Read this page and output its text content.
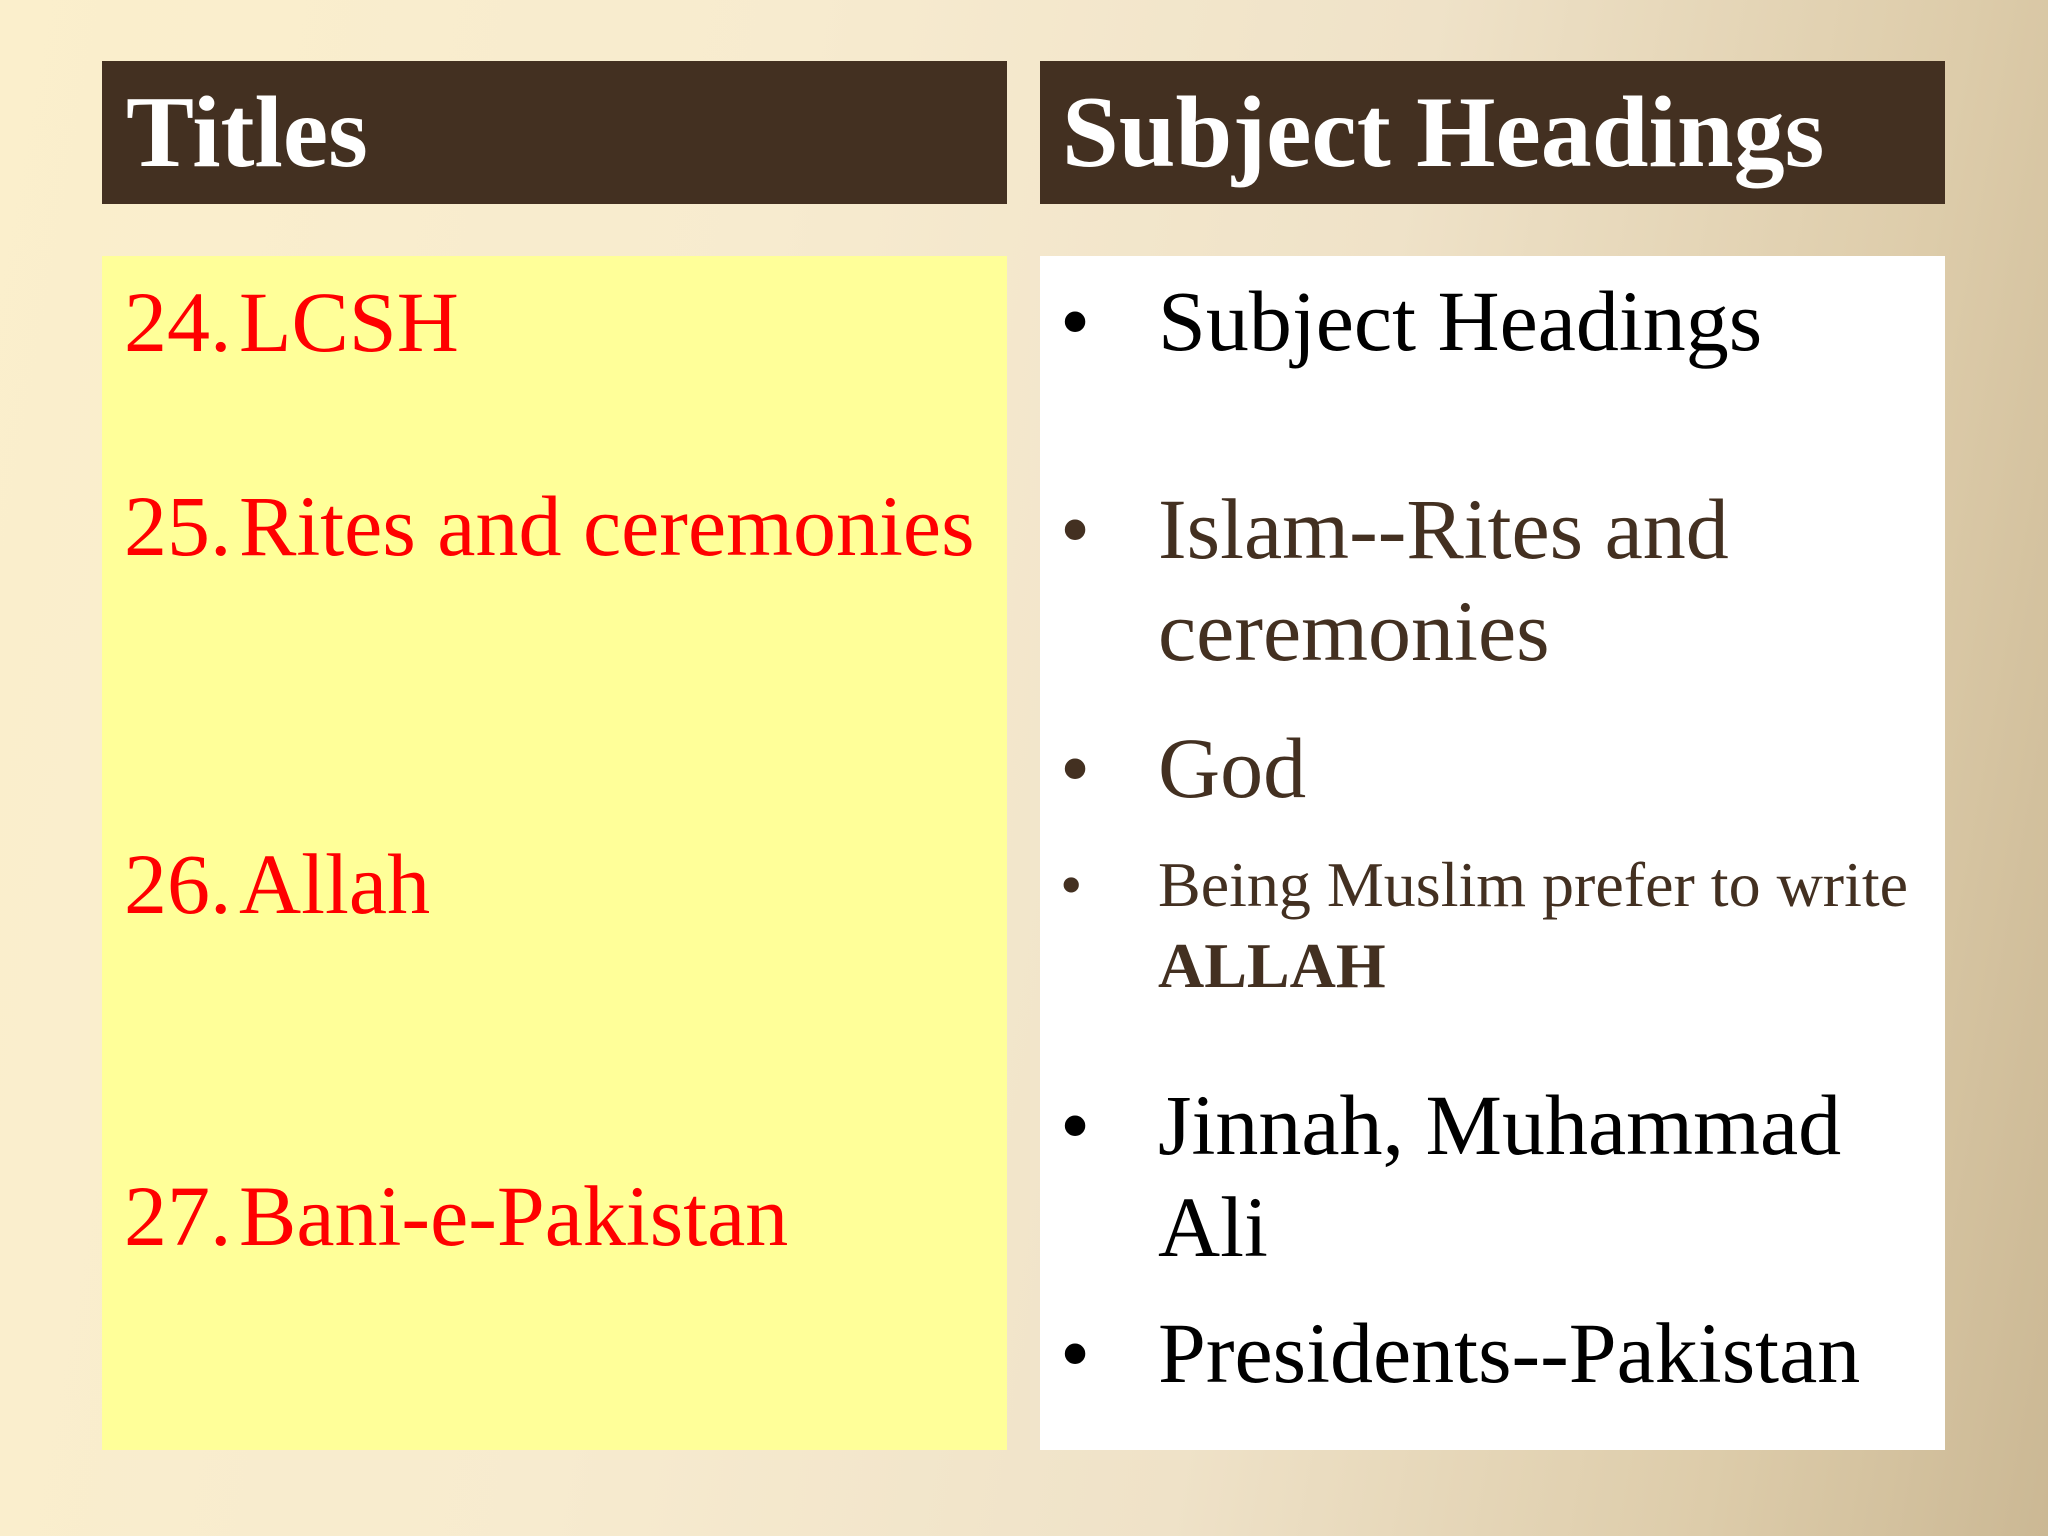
Titles	Subject Headings
24. LCSH
25. Rites and ceremonies
26. Allah
27. Bani-e-Pakistan
• Subject Headings
• Islam--Rites and ceremonies
• God
• Being Muslim prefer to write ALLAH
• Jinnah, Muhammad Ali
• Presidents--Pakistan
